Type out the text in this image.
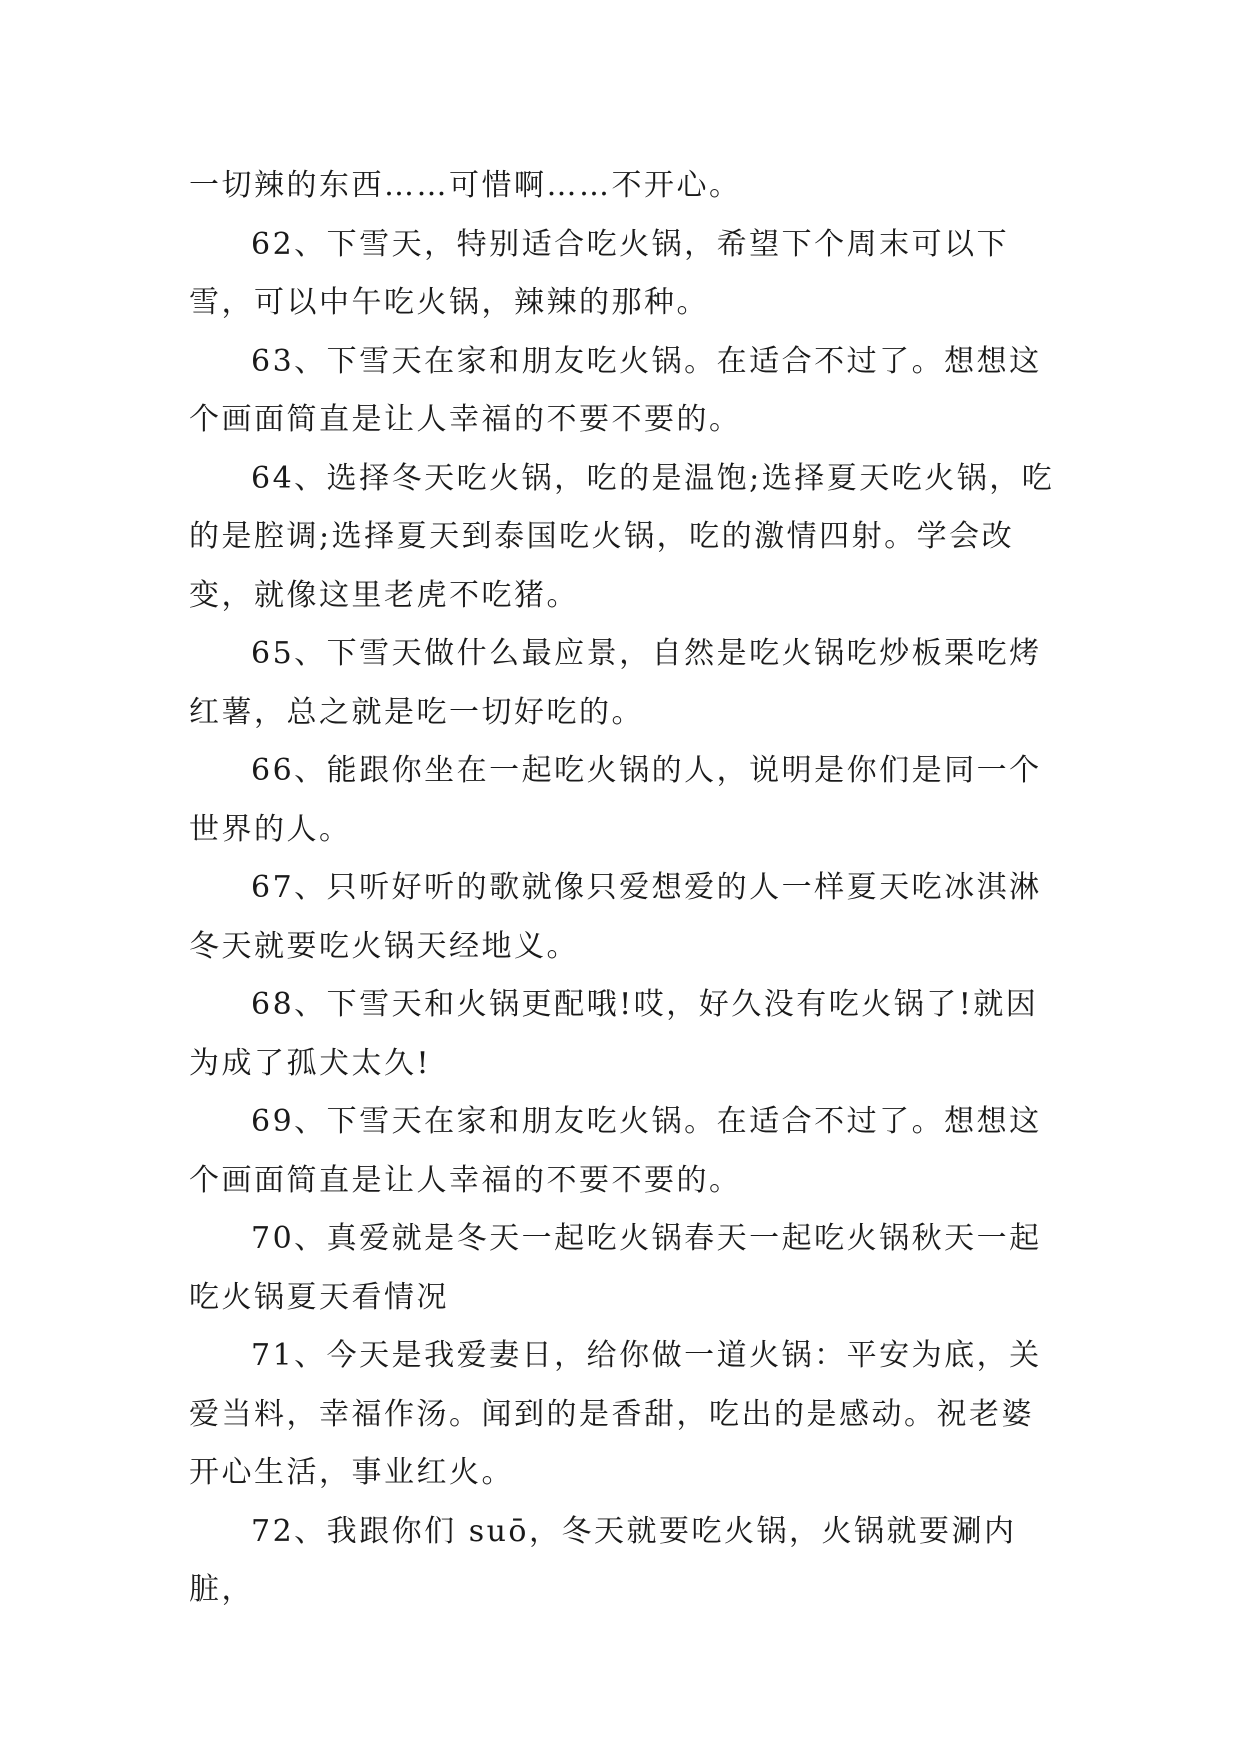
一切辣的东西……可惜啊……不开心。

62、下雪天，特别适合吃火锅，希望下个周末可以下雪，可以中午吃火锅，辣辣的那种。

63、下雪天在家和朋友吃火锅。在适合不过了。想想这个画面简直是让人幸福的不要不要的。

64、选择冬天吃火锅，吃的是温饱;选择夏天吃火锅，吃的是腔调;选择夏天到泰国吃火锅，吃的激情四射。学会改变，就像这里老虎不吃猪。

65、下雪天做什么最应景，自然是吃火锅吃炒板栗吃烤红薯，总之就是吃一切好吃的。

66、能跟你坐在一起吃火锅的人，说明是你们是同一个世界的人。

67、只听好听的歌就像只爱想爱的人一样夏天吃冰淇淋冬天就要吃火锅天经地义。

68、下雪天和火锅更配哦!哎，好久没有吃火锅了!就因为成了孤犬太久!

69、下雪天在家和朋友吃火锅。在适合不过了。想想这个画面简直是让人幸福的不要不要的。

70、真爱就是冬天一起吃火锅春天一起吃火锅秋天一起吃火锅夏天看情况

71、今天是我爱妻日，给你做一道火锅：平安为底，关爱当料，幸福作汤。闻到的是香甜，吃出的是感动。祝老婆开心生活，事业红火。

72、我跟你们 suō，冬天就要吃火锅，火锅就要涮内脏，
